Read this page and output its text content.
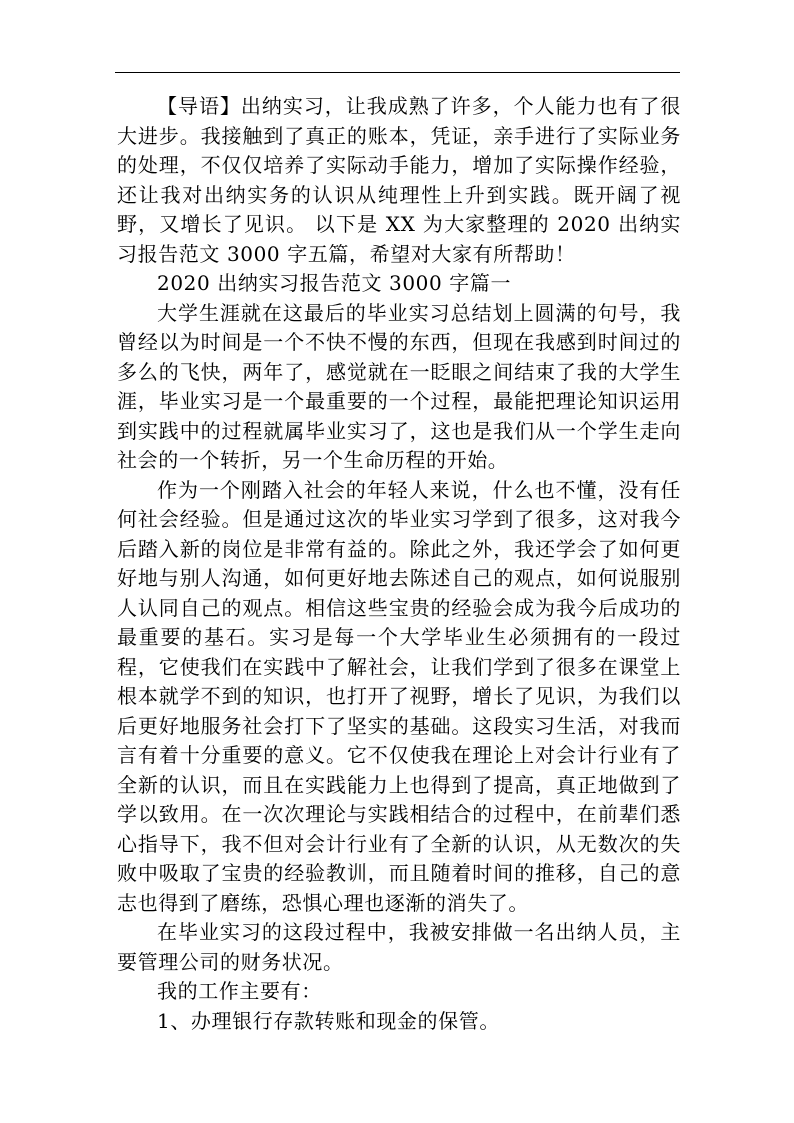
【导语】出纳实习，让我成熟了许多，个人能力也有了很大进步。我接触到了真正的账本，凭证，亲手进行了实际业务的处理，不仅仅培养了实际动手能力，增加了实际操作经验，还让我对出纳实务的认识从纯理性上升到实践。既开阔了视野，又增长了见识。 以下是 XX 为大家整理的 2020 出纳实习报告范文 3000 字五篇，希望对大家有所帮助！

2020 出纳实习报告范文 3000 字篇一

大学生涯就在这最后的毕业实习总结划上圆满的句号，我曾经以为时间是一个不快不慢的东西，但现在我感到时间过的多么的飞快，两年了，感觉就在一眨眼之间结束了我的大学生涯，毕业实习是一个最重要的一个过程，最能把理论知识运用到实践中的过程就属毕业实习了，这也是我们从一个学生走向社会的一个转折，另一个生命历程的开始。

作为一个刚踏入社会的年轻人来说，什么也不懂，没有任何社会经验。但是通过这次的毕业实习学到了很多，这对我今后踏入新的岗位是非常有益的。除此之外，我还学会了如何更好地与别人沟通，如何更好地去陈述自己的观点，如何说服别人认同自己的观点。相信这些宝贵的经验会成为我今后成功的最重要的基石。实习是每一个大学毕业生必须拥有的一段过程，它使我们在实践中了解社会，让我们学到了很多在课堂上根本就学不到的知识，也打开了视野，增长了见识，为我们以后更好地服务社会打下了坚实的基础。这段实习生活，对我而言有着十分重要的意义。它不仅使我在理论上对会计行业有了全新的认识，而且在实践能力上也得到了提高，真正地做到了学以致用。在一次次理论与实践相结合的过程中，在前辈们悉心指导下，我不但对会计行业有了全新的认识，从无数次的失败中吸取了宝贵的经验教训，而且随着时间的推移，自己的意志也得到了磨练，恐惧心理也逐渐的消失了。

在毕业实习的这段过程中，我被安排做一名出纳人员，主要管理公司的财务状况。

我的工作主要有：

1、办理银行存款转账和现金的保管。
